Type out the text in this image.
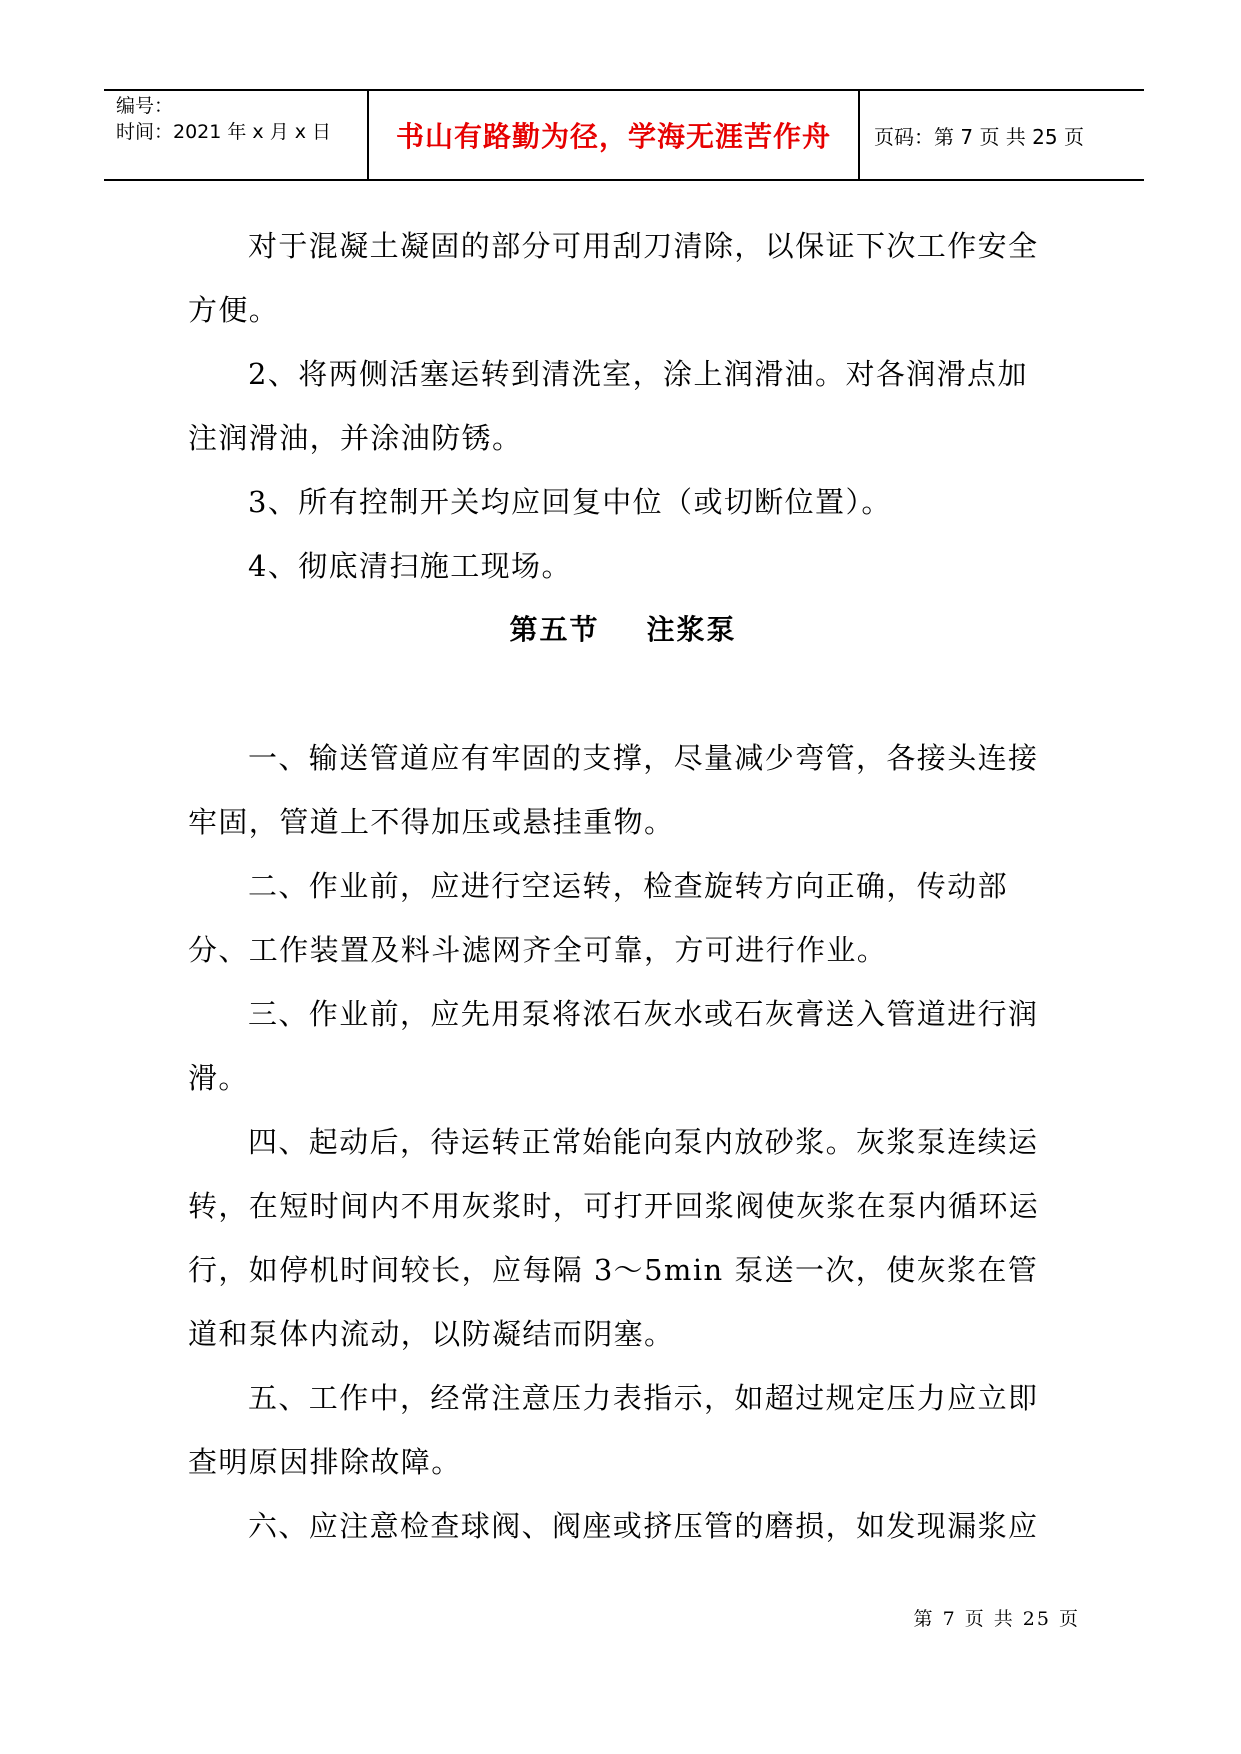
编号：
时间：2021 年 x 月 x 日	书山有路勤为径，学海无涯苦作舟	页码：第 7 页 共 25 页

对于混凝土凝固的部分可用刮刀清除，以保证下次工作安全方便。

2、将两侧活塞运转到清洗室，涂上润滑油。对各润滑点加注润滑油，并涂油防锈。

3、所有控制开关均应回复中位（或切断位置）。

4、彻底清扫施工现场。

第五节    注浆泵

一、输送管道应有牢固的支撑，尽量减少弯管，各接头连接牢固，管道上不得加压或悬挂重物。

二、作业前，应进行空运转，检查旋转方向正确，传动部分、工作装置及料斗滤网齐全可靠，方可进行作业。

三、作业前，应先用泵将浓石灰水或石灰膏送入管道进行润滑。

四、起动后，待运转正常始能向泵内放砂浆。灰浆泵连续运转，在短时间内不用灰浆时，可打开回浆阀使灰浆在泵内循环运行，如停机时间较长，应每隔 3～5min 泵送一次，使灰浆在管道和泵体内流动，以防凝结而阴塞。

五、工作中，经常注意压力表指示，如超过规定压力应立即查明原因排除故障。

六、应注意检查球阀、阀座或挤压管的磨损，如发现漏浆应

第 7 页 共 25 页
